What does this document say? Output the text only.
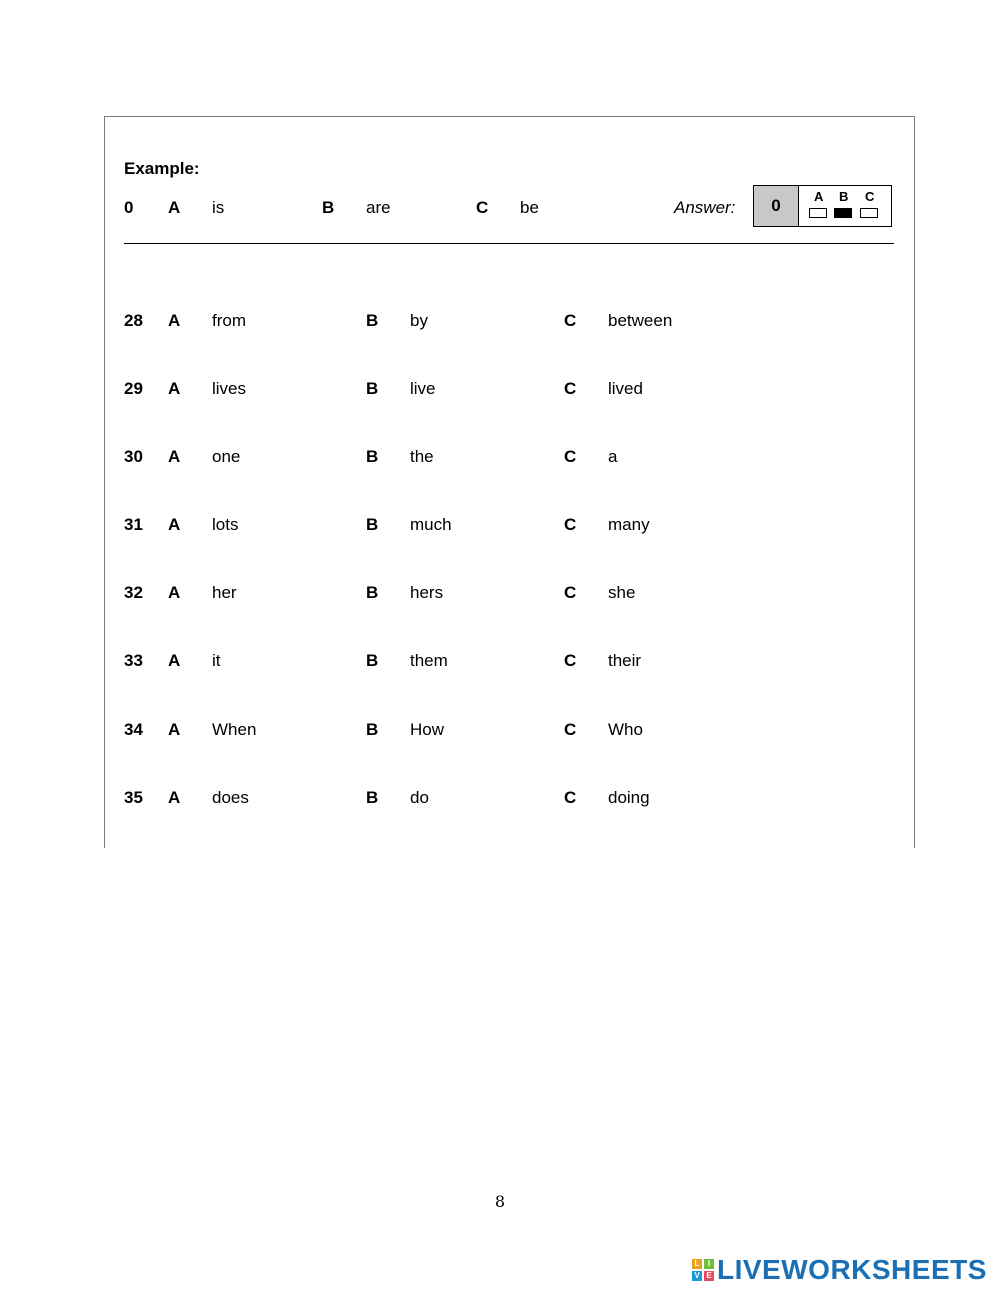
Example:
0 A is	B are	C be	Answer:	0	A B C
28 A from	B by	C between
29 A lives	B live	C lived
30 A one	B the	C a
31 A lots	B much	C many
32 A her	B hers	C she
33 A it	B them	C their
34 A When	B How	C Who
35 A does	B do	C doing
8
L	I
V E LIVEWORKSHEETS
